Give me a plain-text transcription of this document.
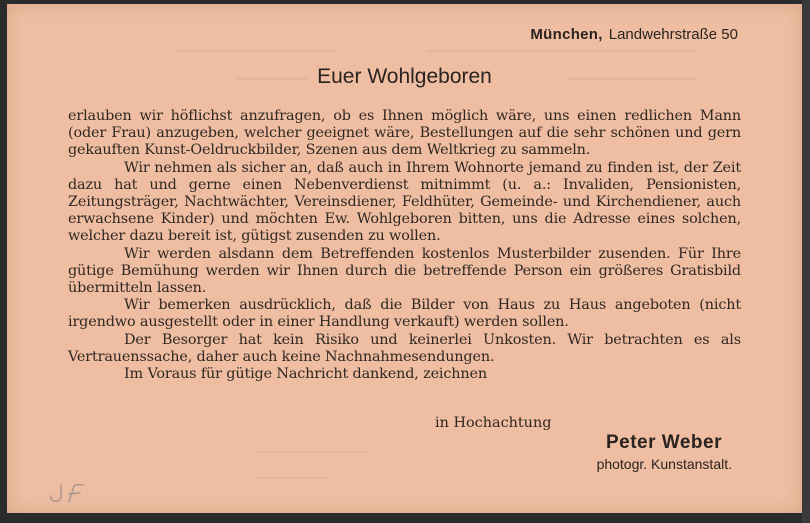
München, Landwehrstraße 50
Euer Wohlgeboren

erlauben wir höflichst anzufragen, ob es Ihnen möglich wäre, uns einen redlichen Mann (oder Frau) anzugeben, welcher geeignet wäre, Bestellungen auf die sehr schönen und gern gekauften Kunst-Oeldruckbilder, Szenen aus dem Weltkrieg zu sammeln.

Wir nehmen als sicher an, daß auch in Ihrem Wohnorte jemand zu finden ist, der Zeit dazu hat und gerne einen Nebenverdienst mitnimmt (u. a.: Invaliden, Pensionisten, Zeitungsträger, Nachtwächter, Vereinsdiener, Feldhüter, Gemeinde- und Kirchendiener, auch erwachsene Kinder) und möchten Ew. Wohlgeboren bitten, uns die Adresse eines solchen, welcher dazu bereit ist, gütigst zusenden zu wollen.

Wir werden alsdann dem Betreffenden kostenlos Musterbilder zusenden. Für Ihre gütige Bemühung werden wir Ihnen durch die betreffende Person ein größeres Gratisbild übermitteln lassen.

Wir bemerken ausdrücklich, daß die Bilder von Haus zu Haus angeboten (nicht irgendwo ausgestellt oder in einer Handlung verkauft) werden sollen.

Der Besorger hat kein Risiko und keinerlei Unkosten. Wir betrachten es als Vertrauenssache, daher auch keine Nachnahmesendungen.

Im Voraus für gütige Nachricht dankend, zeichnen

in Hochachtung
Peter Weber
photogr. Kunstanstalt.
